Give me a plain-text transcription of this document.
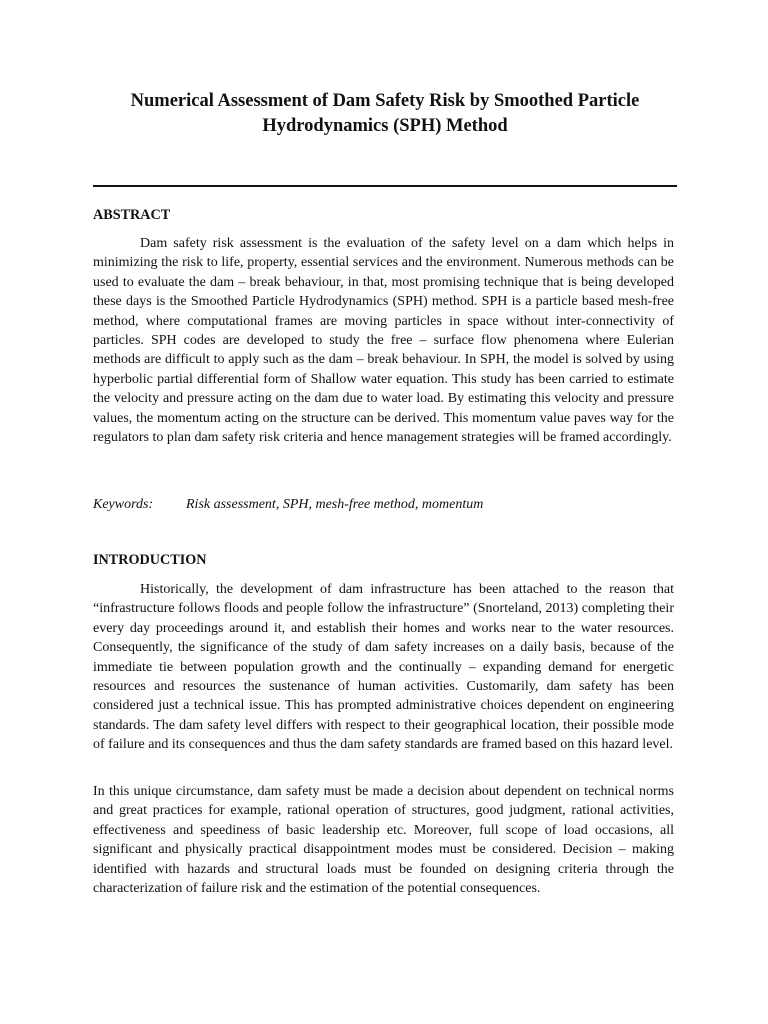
Numerical Assessment of Dam Safety Risk by Smoothed Particle
Hydrodynamics (SPH) Method
ABSTRACT

Dam safety risk assessment is the evaluation of the safety level on a dam which helps in minimizing the risk to life, property, essential services and the environment. Numerous methods can be used to evaluate the dam – break behaviour, in that, most promising technique that is being developed these days is the Smoothed Particle Hydrodynamics (SPH) method. SPH is a particle based mesh-free method, where computational frames are moving particles in space without inter-connectivity of particles. SPH codes are developed to study the free – surface flow phenomena where Eulerian methods are difficult to apply such as the dam – break behaviour. In SPH, the model is solved by using hyperbolic partial differential form of Shallow water equation. This study has been carried to estimate the velocity and pressure acting on the dam due to water load. By estimating this velocity and pressure values, the momentum acting on the structure can be derived. This momentum value paves way for the regulators to plan dam safety risk criteria and hence management strategies will be framed accordingly.

Keywords: Risk assessment, SPH, mesh-free method, momentum
INTRODUCTION

Historically, the development of dam infrastructure has been attached to the reason that “infrastructure follows floods and people follow the infrastructure” (Snorteland, 2013) completing their every day proceedings around it, and establish their homes and works near to the water resources. Consequently, the significance of the study of dam safety increases on a daily basis, because of the immediate tie between population growth and the continually – expanding demand for energetic resources and resources the sustenance of human activities. Customarily, dam safety has been considered just a technical issue. This has prompted administrative choices dependent on engineering standards. The dam safety level differs with respect to their geographical location, their possible mode of failure and its consequences and thus the dam safety standards are framed based on this hazard level.

In this unique circumstance, dam safety must be made a decision about dependent on technical norms and great practices for example, rational operation of structures, good judgment, rational activities, effectiveness and speediness of basic leadership etc. Moreover, full scope of load occasions, all significant and physically practical disappointment modes must be considered. Decision – making identified with hazards and structural loads must be founded on designing criteria through the characterization of failure risk and the estimation of the potential consequences.
